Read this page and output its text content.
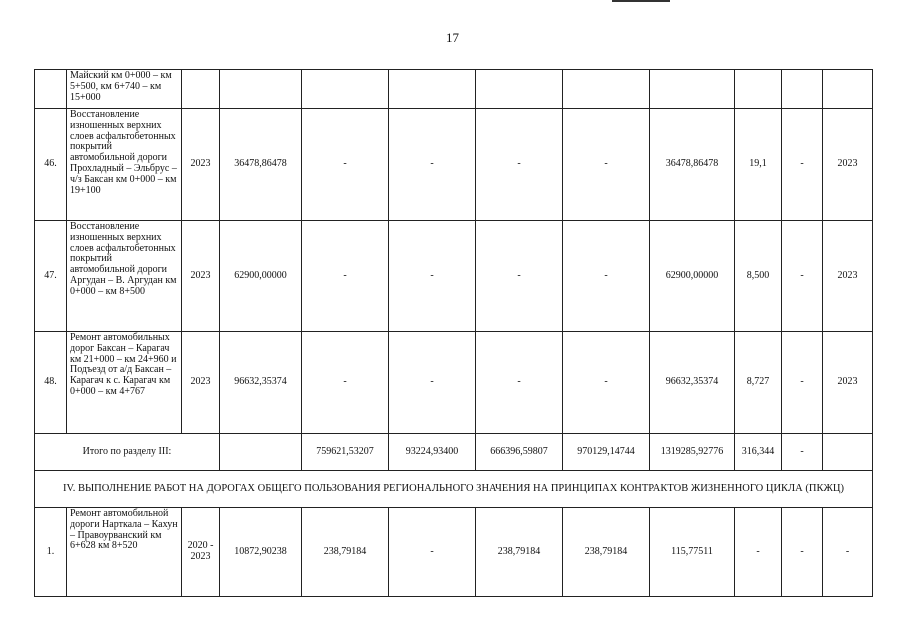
17
	Майский км 0+000 – км 5+500, км 6+740 – км 15+000										
46.	Восстановление изношенных верхних слоев асфальтобетонных покрытий автомобильной дороги Прохладный – Эльбрус – ч/з Баксан км 0+000 – км 19+100	2023	36478,86478	-	-	-	-	36478,86478	19,1	-	2023
47.	Восстановление изношенных верхних слоев асфальтобетонных покрытий автомобильной дороги Аргудан – В. Аргудан км 0+000 – км 8+500	2023	62900,00000	-	-	-	-	62900,00000	8,500	-	2023
48.	Ремонт автомобильных дорог Баксан – Карагач км 21+000 – км 24+960 и Подъезд от а/д Баксан – Карагач к с. Карагач км 0+000 – км 4+767	2023	96632,35374	-	-	-	-	96632,35374	8,727	-	2023
Итого по разделу III:				759621,53207	93224,93400	666396,59807	970129,14744	1319285,92776	316,344	-	
IV. ВЫПОЛНЕНИЕ РАБОТ НА ДОРОГАХ ОБЩЕГО ПОЛЬЗОВАНИЯ РЕГИОНАЛЬНОГО ЗНАЧЕНИЯ НА ПРИНЦИПАХ КОНТРАКТОВ ЖИЗНЕННОГО ЦИКЛА (ПКЖЦ)											
1.	Ремонт автомобильной дороги Нарткала – Кахун – Правоурванский км 6+628 км 8+520	2020 - 2023	10872,90238	238,79184	-	238,79184	238,79184	115,77511	-	-	-
